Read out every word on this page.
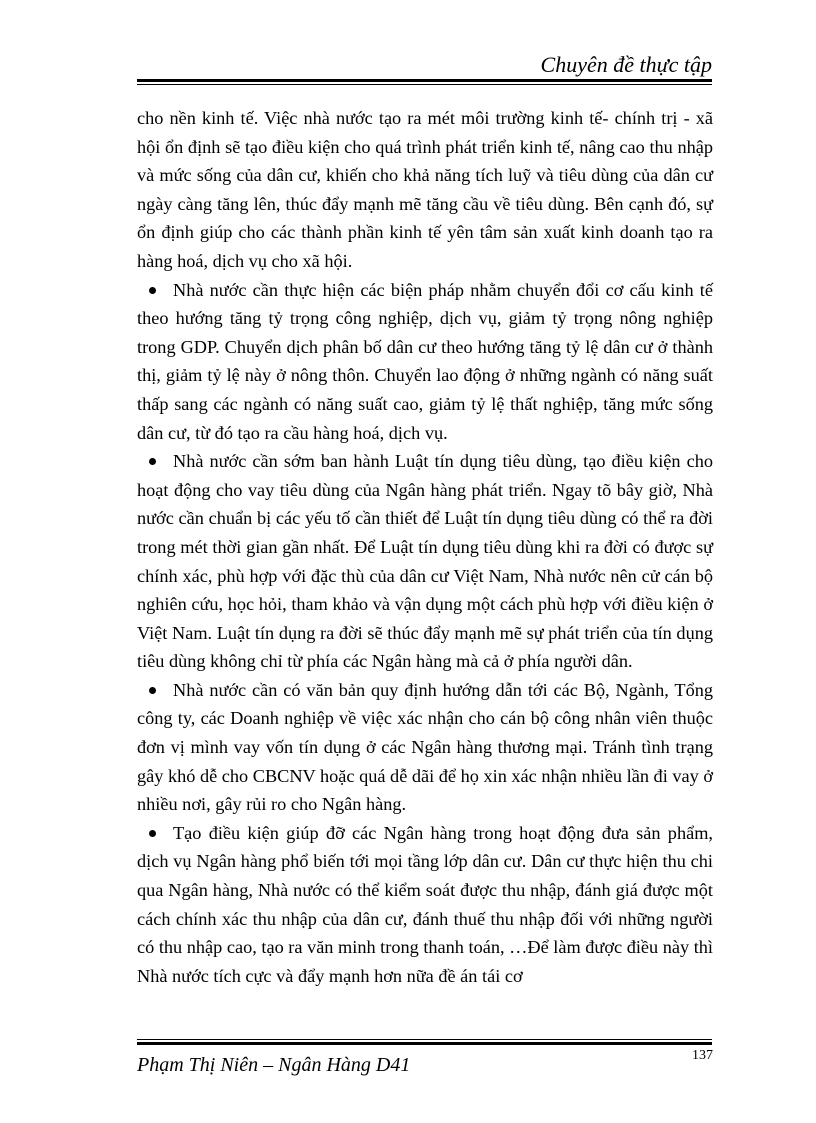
Chuyên đề thực tập

cho nền kinh tế. Việc nhà nước tạo ra mét môi trường kinh tế- chính trị - xã hội ổn định sẽ tạo điều kiện cho quá trình phát triển kinh tế, nâng cao thu nhập và mức sống của dân cư, khiến cho khả năng tích luỹ và tiêu dùng của dân cư ngày càng tăng lên, thúc đẩy mạnh mẽ tăng cầu về tiêu dùng. Bên cạnh đó, sự ổn định giúp cho các thành phần kinh tế yên tâm sản xuất kinh doanh tạo ra hàng hoá, dịch vụ cho xã hội.

Nhà nước cần thực hiện các biện pháp nhằm chuyển đổi cơ cấu kinh tế theo hướng tăng tỷ trọng công nghiệp, dịch vụ, giảm tỷ trọng nông nghiệp trong GDP. Chuyển dịch phân bố dân cư theo hướng tăng tỷ lệ dân cư ở thành thị, giảm tỷ lệ này ở nông thôn. Chuyển lao động ở những ngành có năng suất thấp sang các ngành có năng suất cao, giảm tỷ lệ thất nghiệp, tăng mức sống dân cư, từ đó tạo ra cầu hàng hoá, dịch vụ.

Nhà nước cần sớm ban hành Luật tín dụng tiêu dùng, tạo điều kiện cho hoạt động cho vay tiêu dùng của Ngân hàng phát triển. Ngay tõ bây giờ, Nhà nước cần chuẩn bị các yếu tố cần thiết để Luật tín dụng tiêu dùng có thể ra đời trong mét thời gian gần nhất. Để Luật tín dụng tiêu dùng khi ra đời có được sự chính xác, phù hợp với đặc thù của dân cư Việt Nam, Nhà nước nên cử cán bộ nghiên cứu, học hỏi, tham khảo và vận dụng một cách phù hợp với điều kiện ở Việt Nam. Luật tín dụng ra đời sẽ thúc đẩy mạnh mẽ sự phát triển của tín dụng tiêu dùng không chỉ từ phía các Ngân hàng mà cả ở phía người dân.

Nhà nước cần có văn bản quy định hướng dẫn tới các Bộ, Ngành, Tổng công ty, các Doanh nghiệp về việc xác nhận cho cán bộ công nhân viên thuộc đơn vị mình vay vốn tín dụng ở các Ngân hàng thương mại. Tránh tình trạng gây khó dễ cho CBCNV hoặc quá dễ dãi để họ xin xác nhận nhiều lần đi vay ở nhiều nơi, gây rủi ro cho Ngân hàng.

Tạo điều kiện giúp đỡ các Ngân hàng trong hoạt động đưa sản phẩm, dịch vụ Ngân hàng phổ biến tới mọi tầng lớp dân cư. Dân cư thực hiện thu chi qua Ngân hàng, Nhà nước có thể kiểm soát được thu nhập, đánh giá được một cách chính xác thu nhập của dân cư, đánh thuế thu nhập đối với những người có thu nhập cao, tạo ra văn minh trong thanh toán, …Để làm được điều này thì Nhà nước tích cực và đẩy mạnh hơn nữa đề án tái cơ

Phạm Thị Niên – Ngân Hàng D41	137
